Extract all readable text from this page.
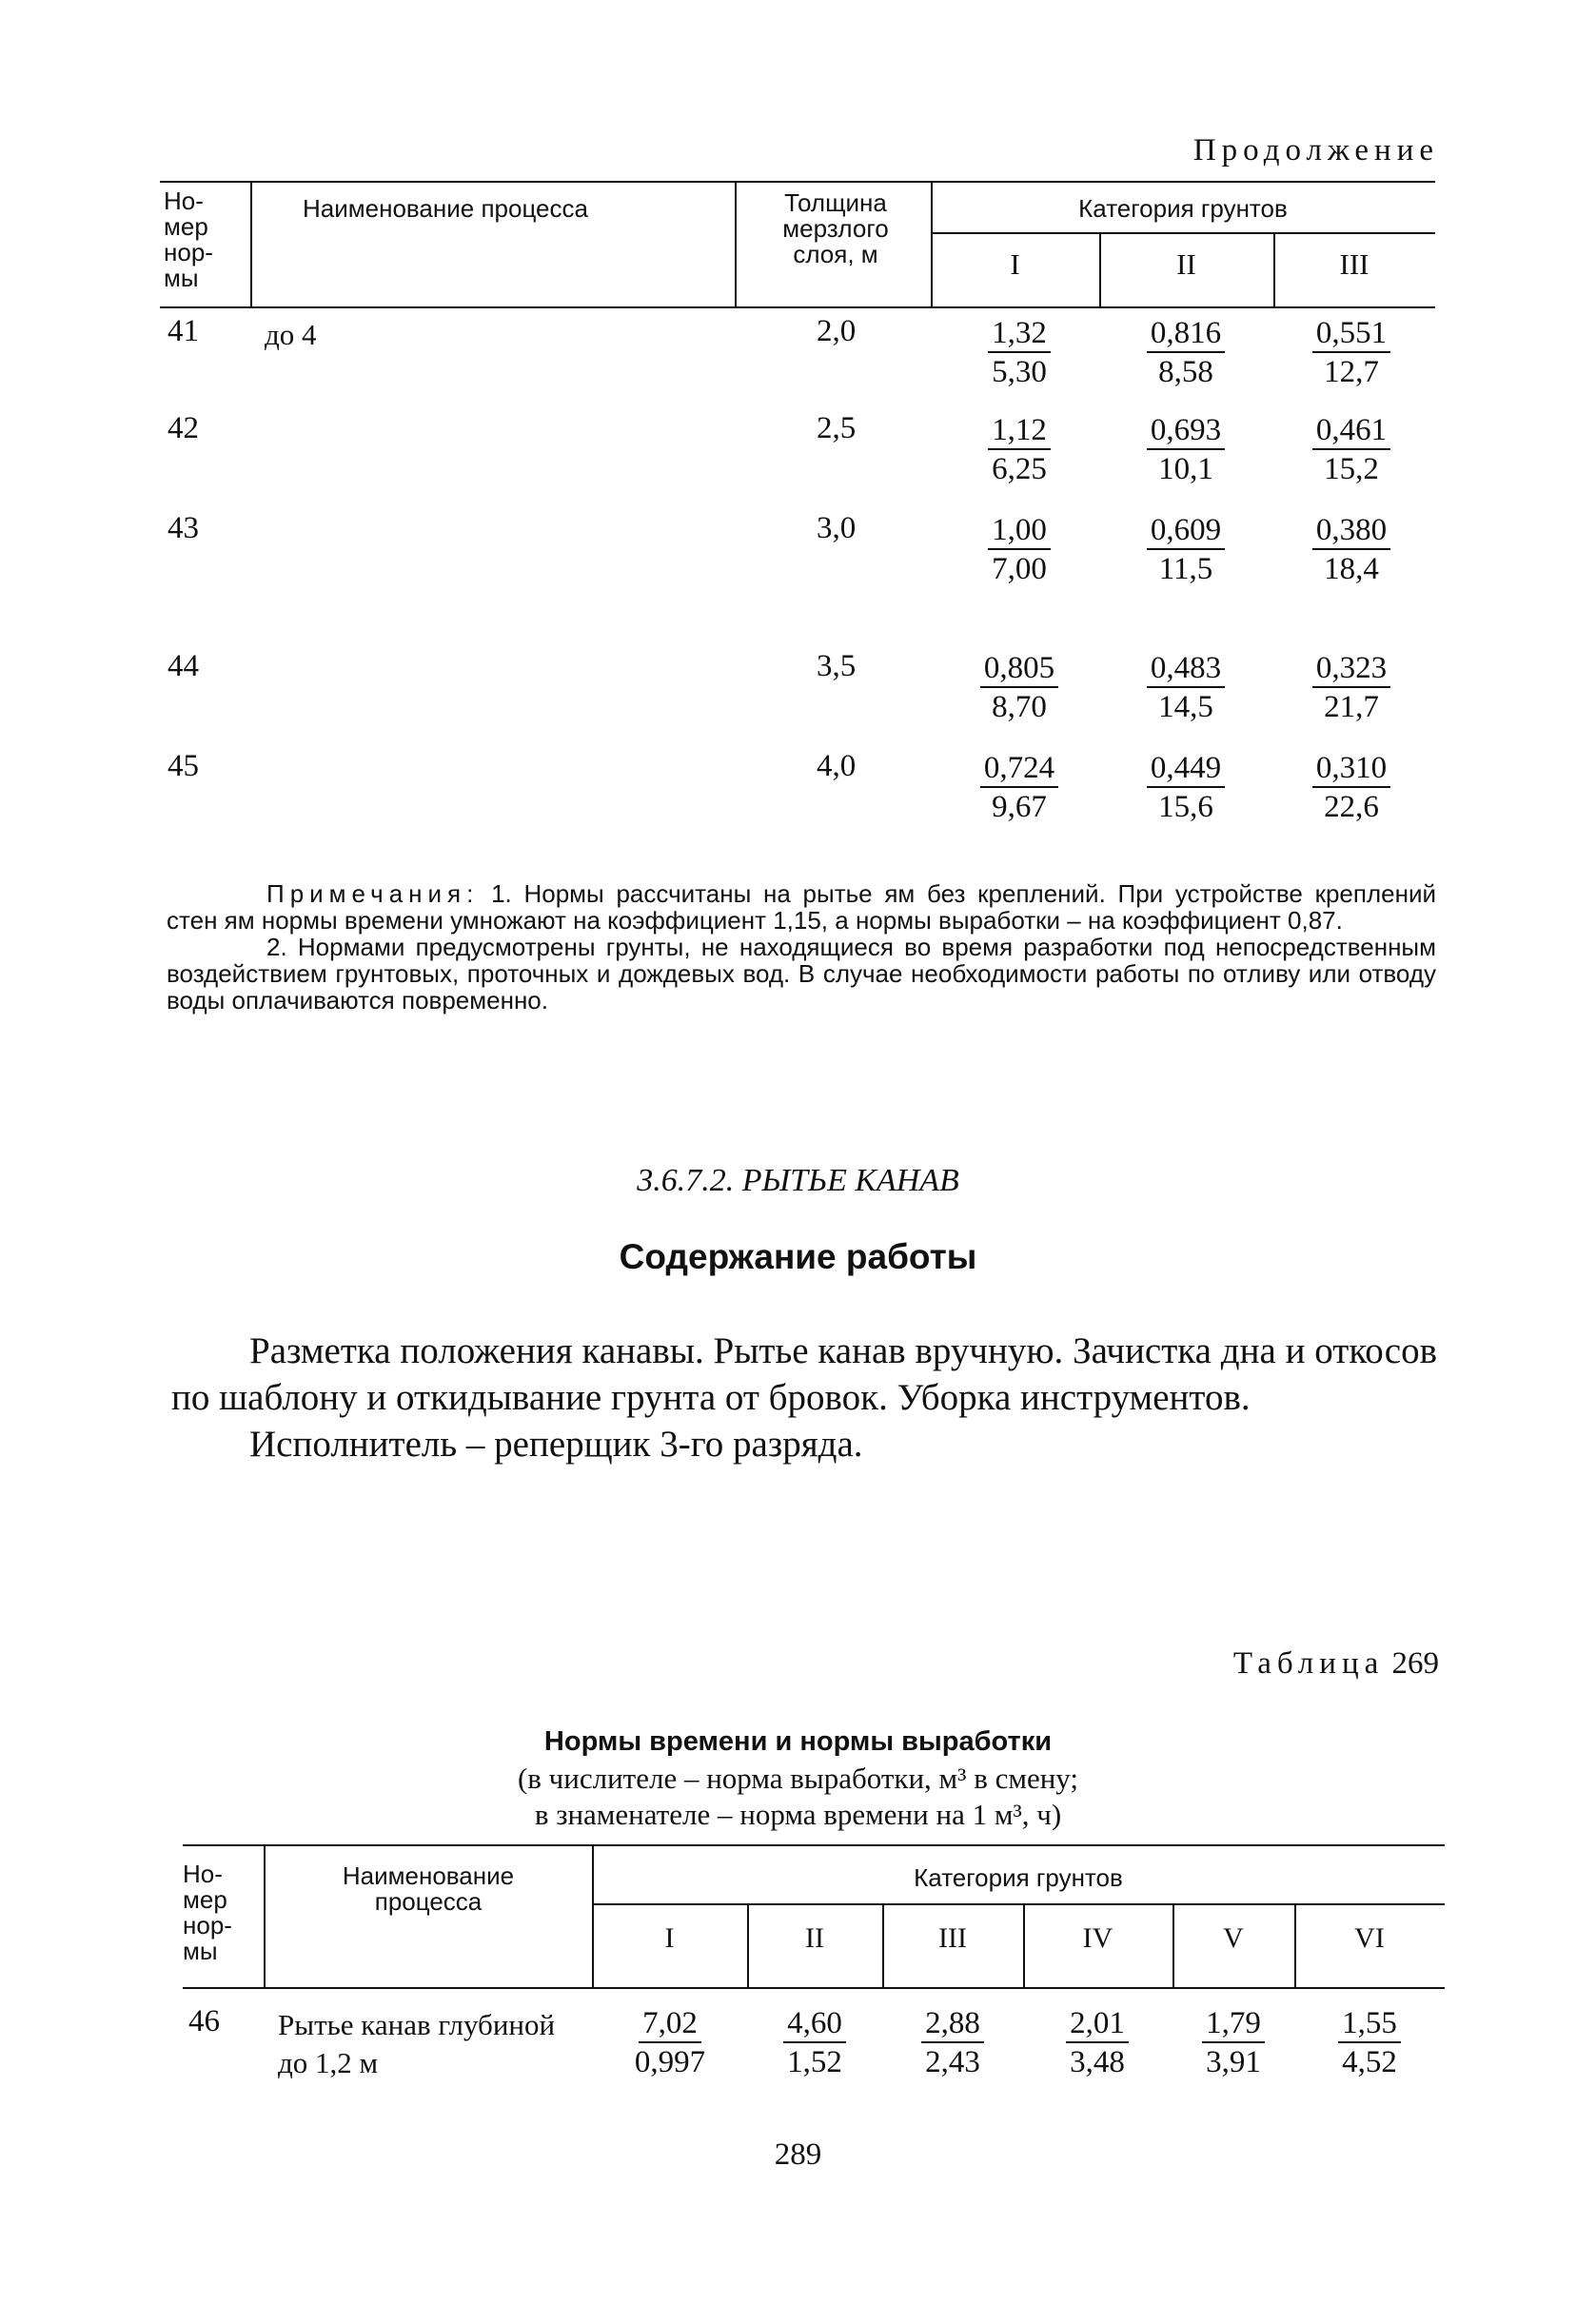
Продолжение
Но-
мер
нор-
мы
Наименование процесса	Толщина
мерзлого
слоя, м
Категория грунтов
I	II	III
41 до 4	2,0	$\frac{1,32}{5,30} \frac{0,816}{8,58} \frac{0,551}{12,7}$
42	2,5	$\frac{1,12}{6,25} \frac{0,693}{10,1} \frac{0,461}{15,2}$
43	3,0	$\frac{1,00}{7,00} \frac{0,609}{11,5} \frac{0,380}{18,4}$
44	3,5	$\frac{0,805}{8,70} \frac{0,483}{14,5} \frac{0,323}{21,7}$
45	4,0	$\frac{0,724}{9,67} \frac{0,449}{15,6} \frac{0,310}{22,6}$

Примечания: 1. Нормы рассчитаны на рытье ям без креплений. При устройстве креплений стен ям нормы времени умножают на коэффициент 1,15, а нормы выработки – на коэффициент 0,87.

2. Нормами предусмотрены грунты, не находящиеся во время разработки под непосредственным воздействием грунтовых, проточных и дождевых вод. В случае необходимости работы по отливу или отводу воды оплачиваются повременно.

3.6.7.2. РЫТЬЕ КАНАВ
Содержание работы

Разметка положения канавы. Рытье канав вручную. Зачистка дна и откосов по шаблону и откидывание грунта от бровок. Уборка инструментов.

Исполнитель – реперщик 3-го разряда.

Таблица 269
Нормы времени и нормы выработки
(в числителе – норма выработки, м³ в смену;
в знаменателе – норма времени на 1 м³, ч)
Но-
мер
нор-
мы
Наименование
процесса
Категория грунтов
I	II	III	IV	V	VI
46 Рытье канав глубиной до 1,2 м	$\frac{7,02}{0,997} \frac{4,60}{1,52} \frac{2,88}{2,43} \frac{2,01}{3,48} \frac{1,79}{3,91} \frac{1,55}{4,52}$
289
